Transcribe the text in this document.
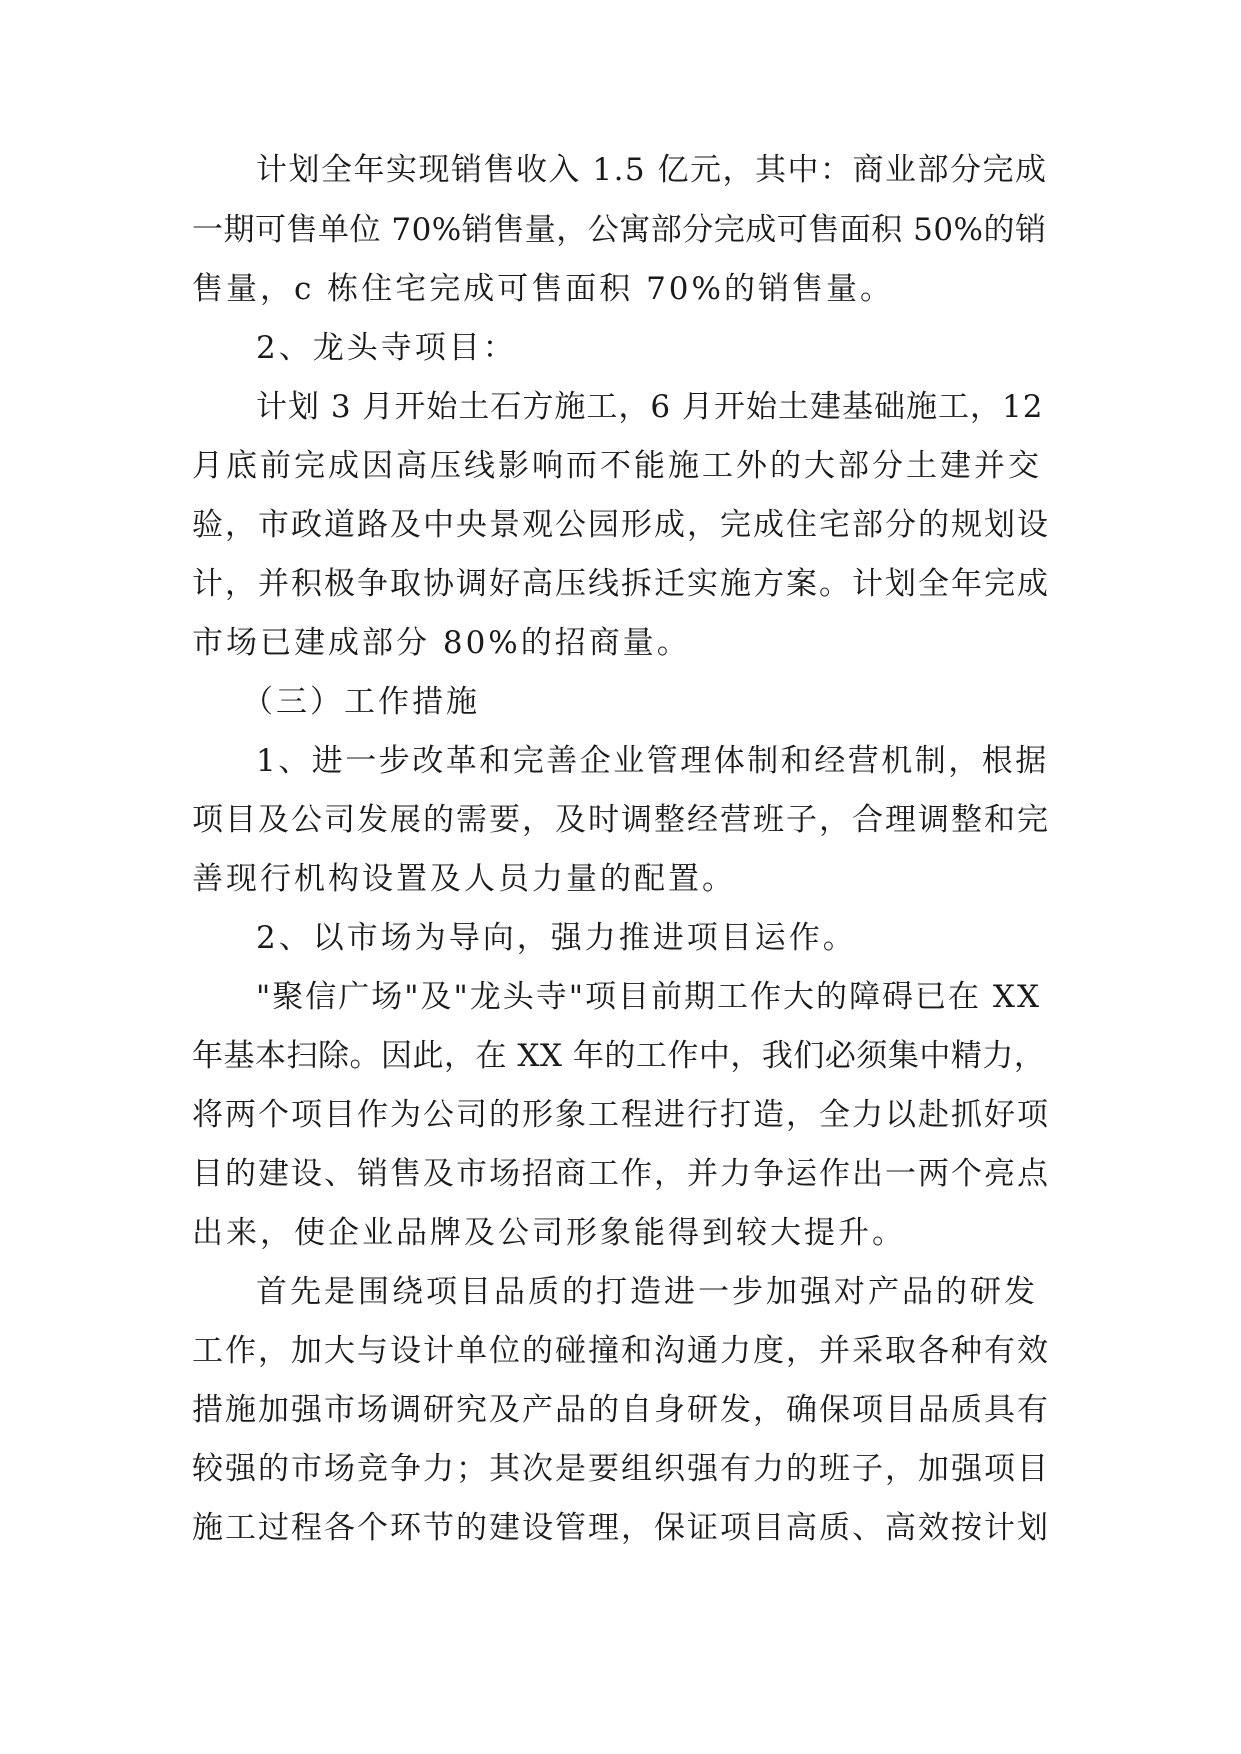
计划全年实现销售收入 1.5 亿元，其中：商业部分完成
一期可售单位 70%销售量，公寓部分完成可售面积 50%的销
售量，c 栋住宅完成可售面积 70%的销售量。
2、龙头寺项目：
计划 3 月开始土石方施工，6 月开始土建基础施工，12
月底前完成因高压线影响而不能施工外的大部分土建并交
验，市政道路及中央景观公园形成，完成住宅部分的规划设
计，并积极争取协调好高压线拆迁实施方案。计划全年完成
市场已建成部分 80%的招商量。
（三）工作措施
1、进一步改革和完善企业管理体制和经营机制，根据
项目及公司发展的需要，及时调整经营班子，合理调整和完
善现行机构设置及人员力量的配置。
2、以市场为导向，强力推进项目运作。
"聚信广场"及"龙头寺"项目前期工作大的障碍已在 XX
年基本扫除。因此，在 XX 年的工作中，我们必须集中精力，
将两个项目作为公司的形象工程进行打造，全力以赴抓好项
目的建设、销售及市场招商工作，并力争运作出一两个亮点
出来，使企业品牌及公司形象能得到较大提升。
首先是围绕项目品质的打造进一步加强对产品的研发
工作，加大与设计单位的碰撞和沟通力度，并采取各种有效
措施加强市场调研究及产品的自身研发，确保项目品质具有
较强的市场竞争力；其次是要组织强有力的班子，加强项目
施工过程各个环节的建设管理，保证项目高质、高效按计划
